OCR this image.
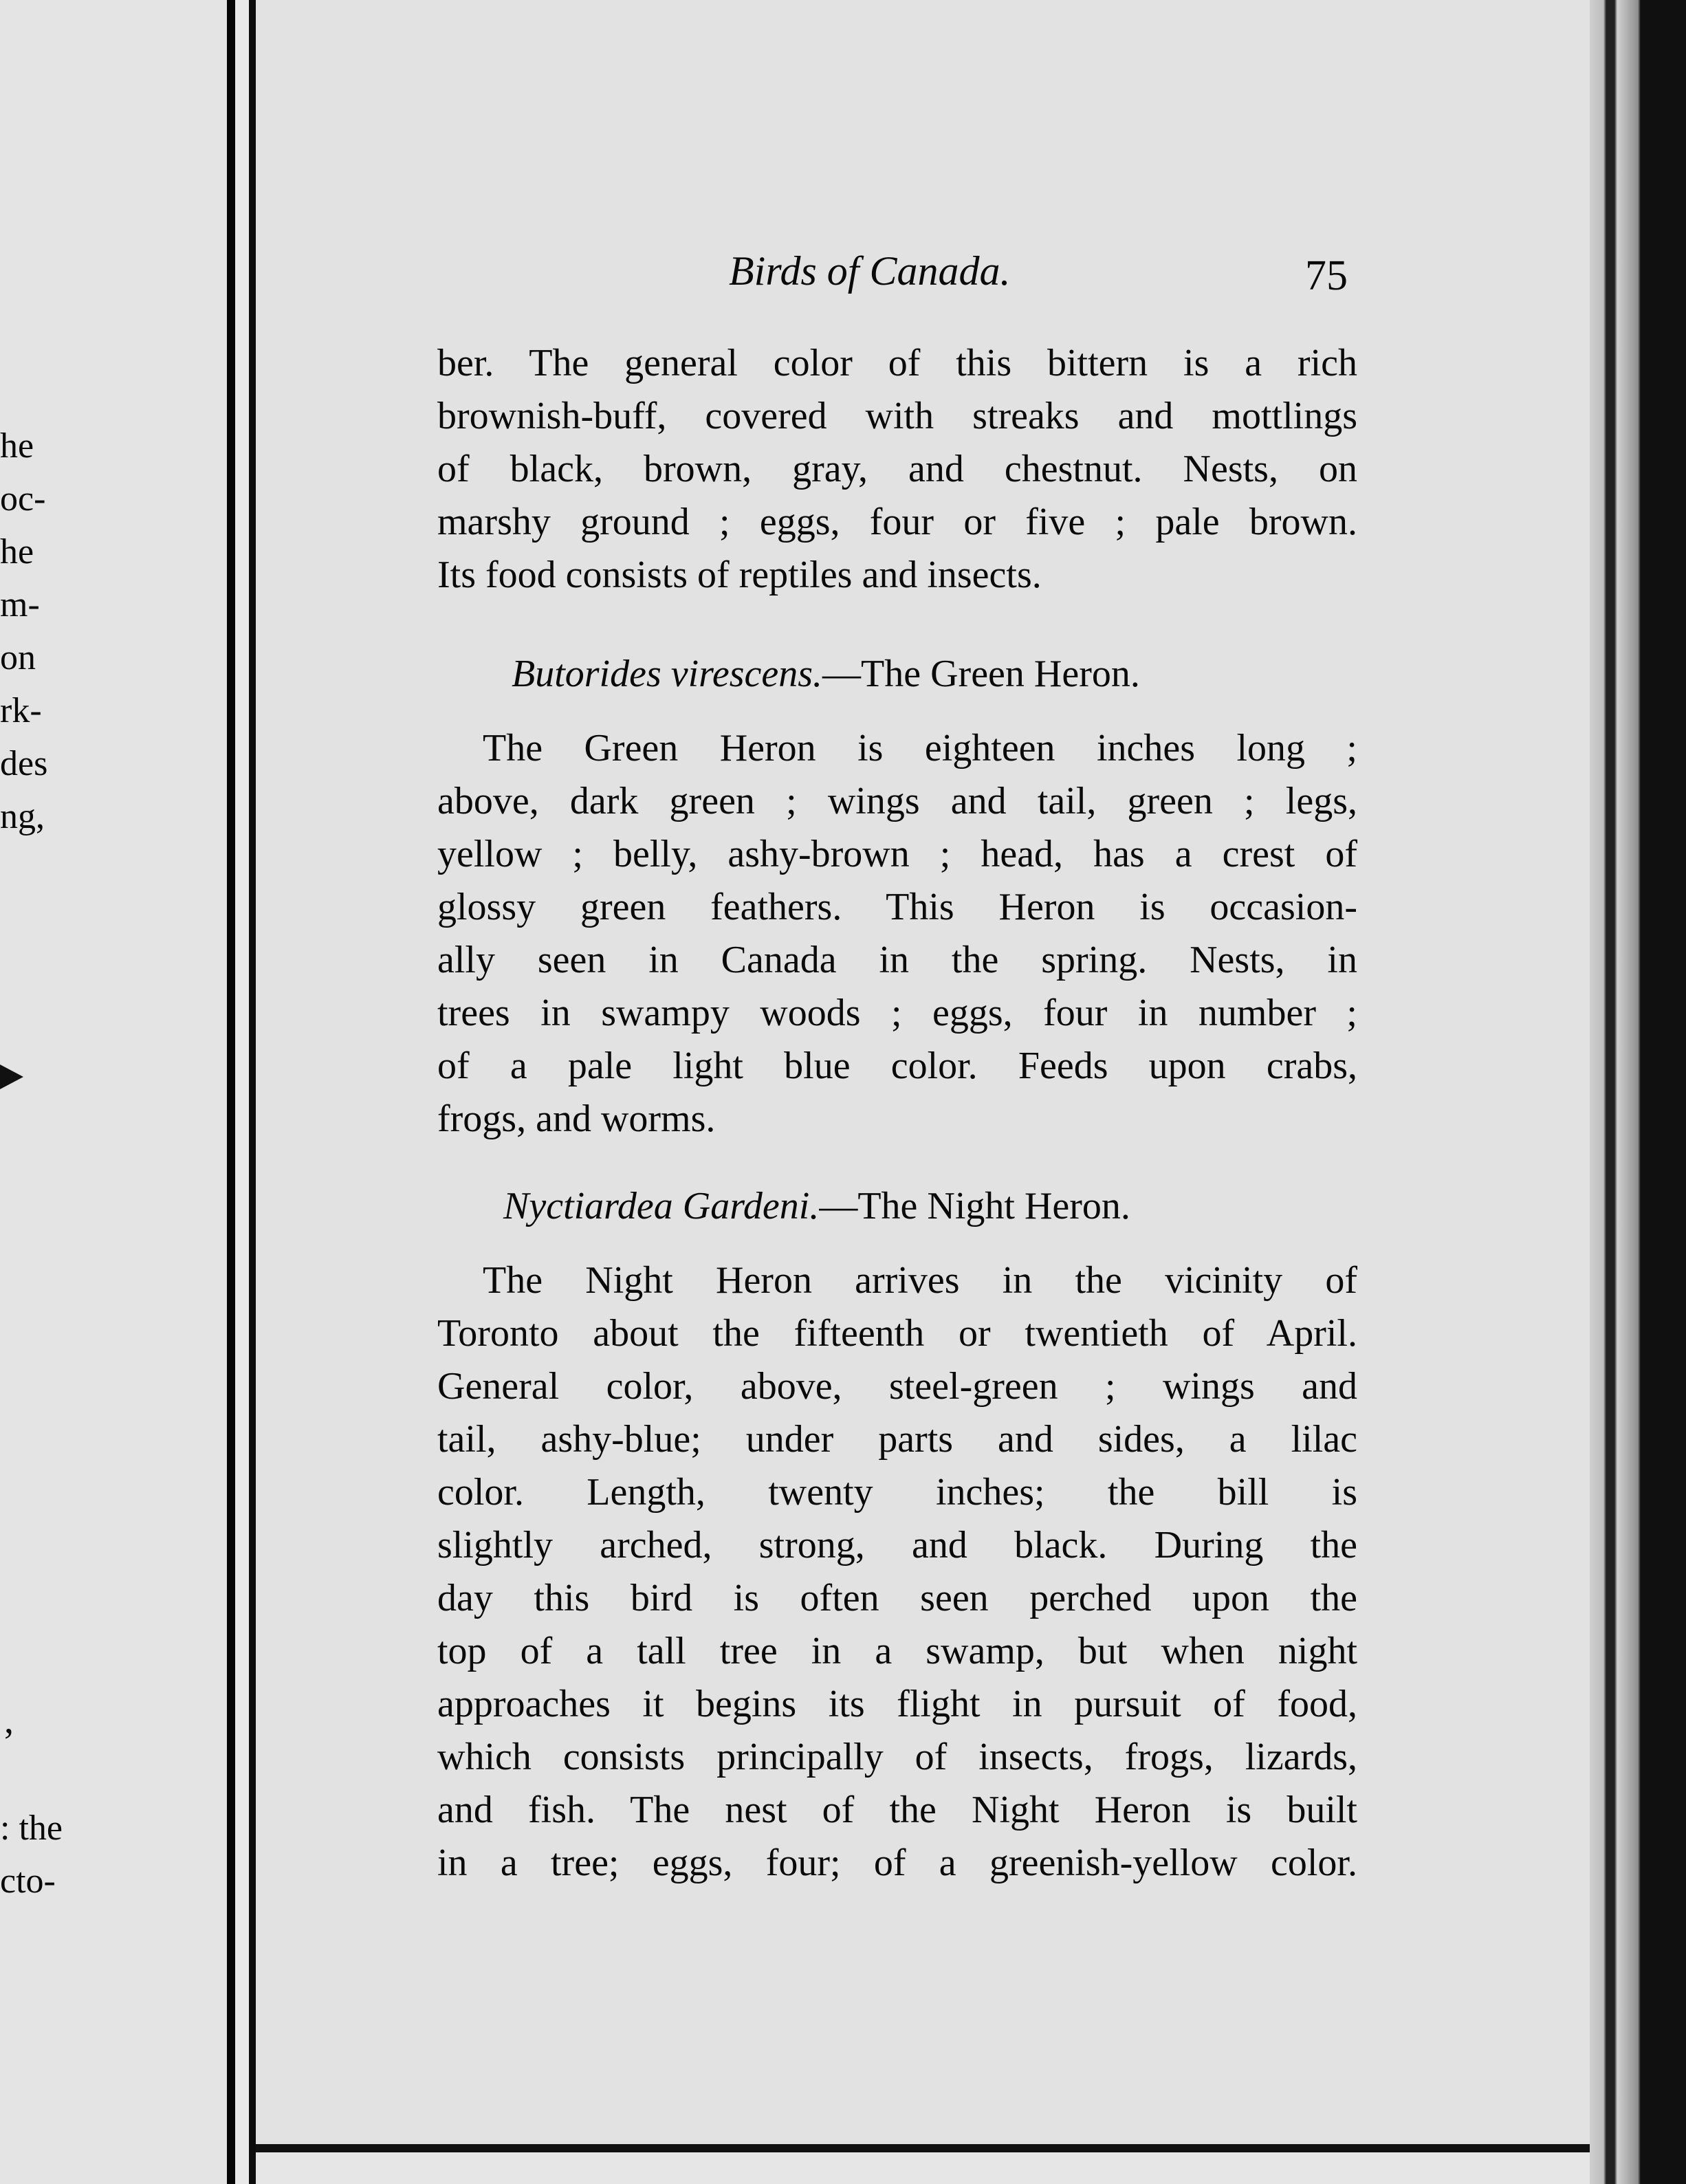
he
oc-
he
m-
on
rk-
des
ng,
,
: the
cto-
Birds of Canada.	75
ber. The general color of this bittern is a rich
brownish-buff, covered with streaks and mottlings
of black, brown, gray, and chestnut. Nests, on
marshy ground ; eggs, four or five ; pale brown.
Its food consists of reptiles and insects.
Butorides virescens.—The Green Heron.
The Green Heron is eighteen inches long ;
above, dark green ; wings and tail, green ; legs,
yellow ; belly, ashy-brown ; head, has a crest of
glossy green feathers. This Heron is occasion-
ally seen in Canada in the spring. Nests, in
trees in swampy woods ; eggs, four in number ;
of a pale light blue color. Feeds upon crabs,
frogs, and worms.
Nyctiardea Gardeni.—The Night Heron.
The Night Heron arrives in the vicinity of
Toronto about the fifteenth or twentieth of April.
General color, above, steel-green ; wings and
tail, ashy-blue; under parts and sides, a lilac
color. Length, twenty inches; the bill is
slightly arched, strong, and black. During the
day this bird is often seen perched upon the
top of a tall tree in a swamp, but when night
approaches it begins its flight in pursuit of food,
which consists principally of insects, frogs, lizards,
and fish. The nest of the Night Heron is built
in a tree; eggs, four; of a greenish-yellow color.
